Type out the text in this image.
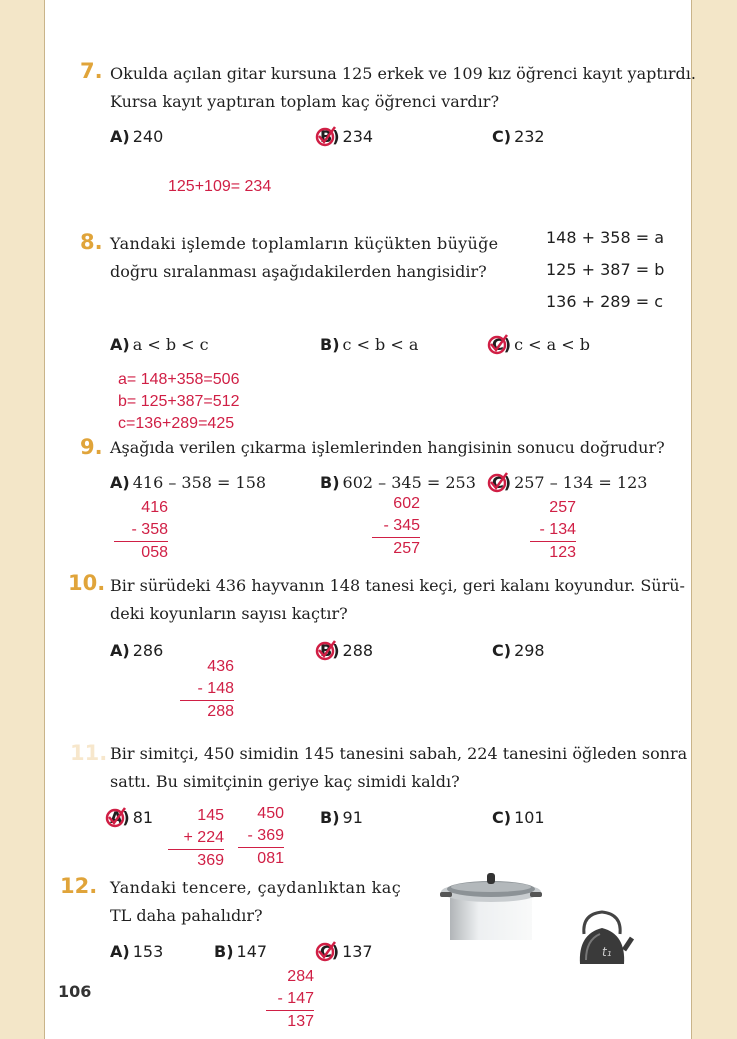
7. Okulda açılan gitar kursuna 125 erkek ve 109 kız öğrenci kayıt yaptırdı.
Kursa kayıt yaptıran toplam kaç öğrenci vardır?
A) 240	B) 234	C) 232
125+109= 234
8. Yandaki işlemde toplamların küçükten büyüğe
doğru sıralanması aşağıdakilerden hangisidir?
148 + 358 = a
125 + 387 = b
136 + 289 = c
A) a < b < c	B) c < b < a	C) c < a < b
a= 148+358=506
b= 125+387=512
c=136+289=425
9. Aşağıda verilen çıkarma işlemlerinden hangisinin sonucu doğrudur?
A) 416 – 358 = 158	B) 602 – 345 = 253 C) 257 – 134 = 123
416
- 358
058
602
- 345
257
257
- 134
123
10. Bir sürüdeki 436 hayvanın 148 tanesi keçi, geri kalanı koyundur. Sürü-
deki koyunların sayısı kaçtır?
A) 286	B) 288	C) 298
436
- 148
288
11. Bir simitçi, 450 simidin 145 tanesini sabah, 224 tanesini öğleden sonra
sattı. Bu simitçinin geriye kaç simidi kaldı?
A) 81	B) 91	C) 101
145
+ 224
369
450
- 369
081
12. Yandaki tencere, çaydanlıktan kaç
TL daha pahalıdır?
t₁
A) 153	B) 147	C) 137
284
- 147
137
106
